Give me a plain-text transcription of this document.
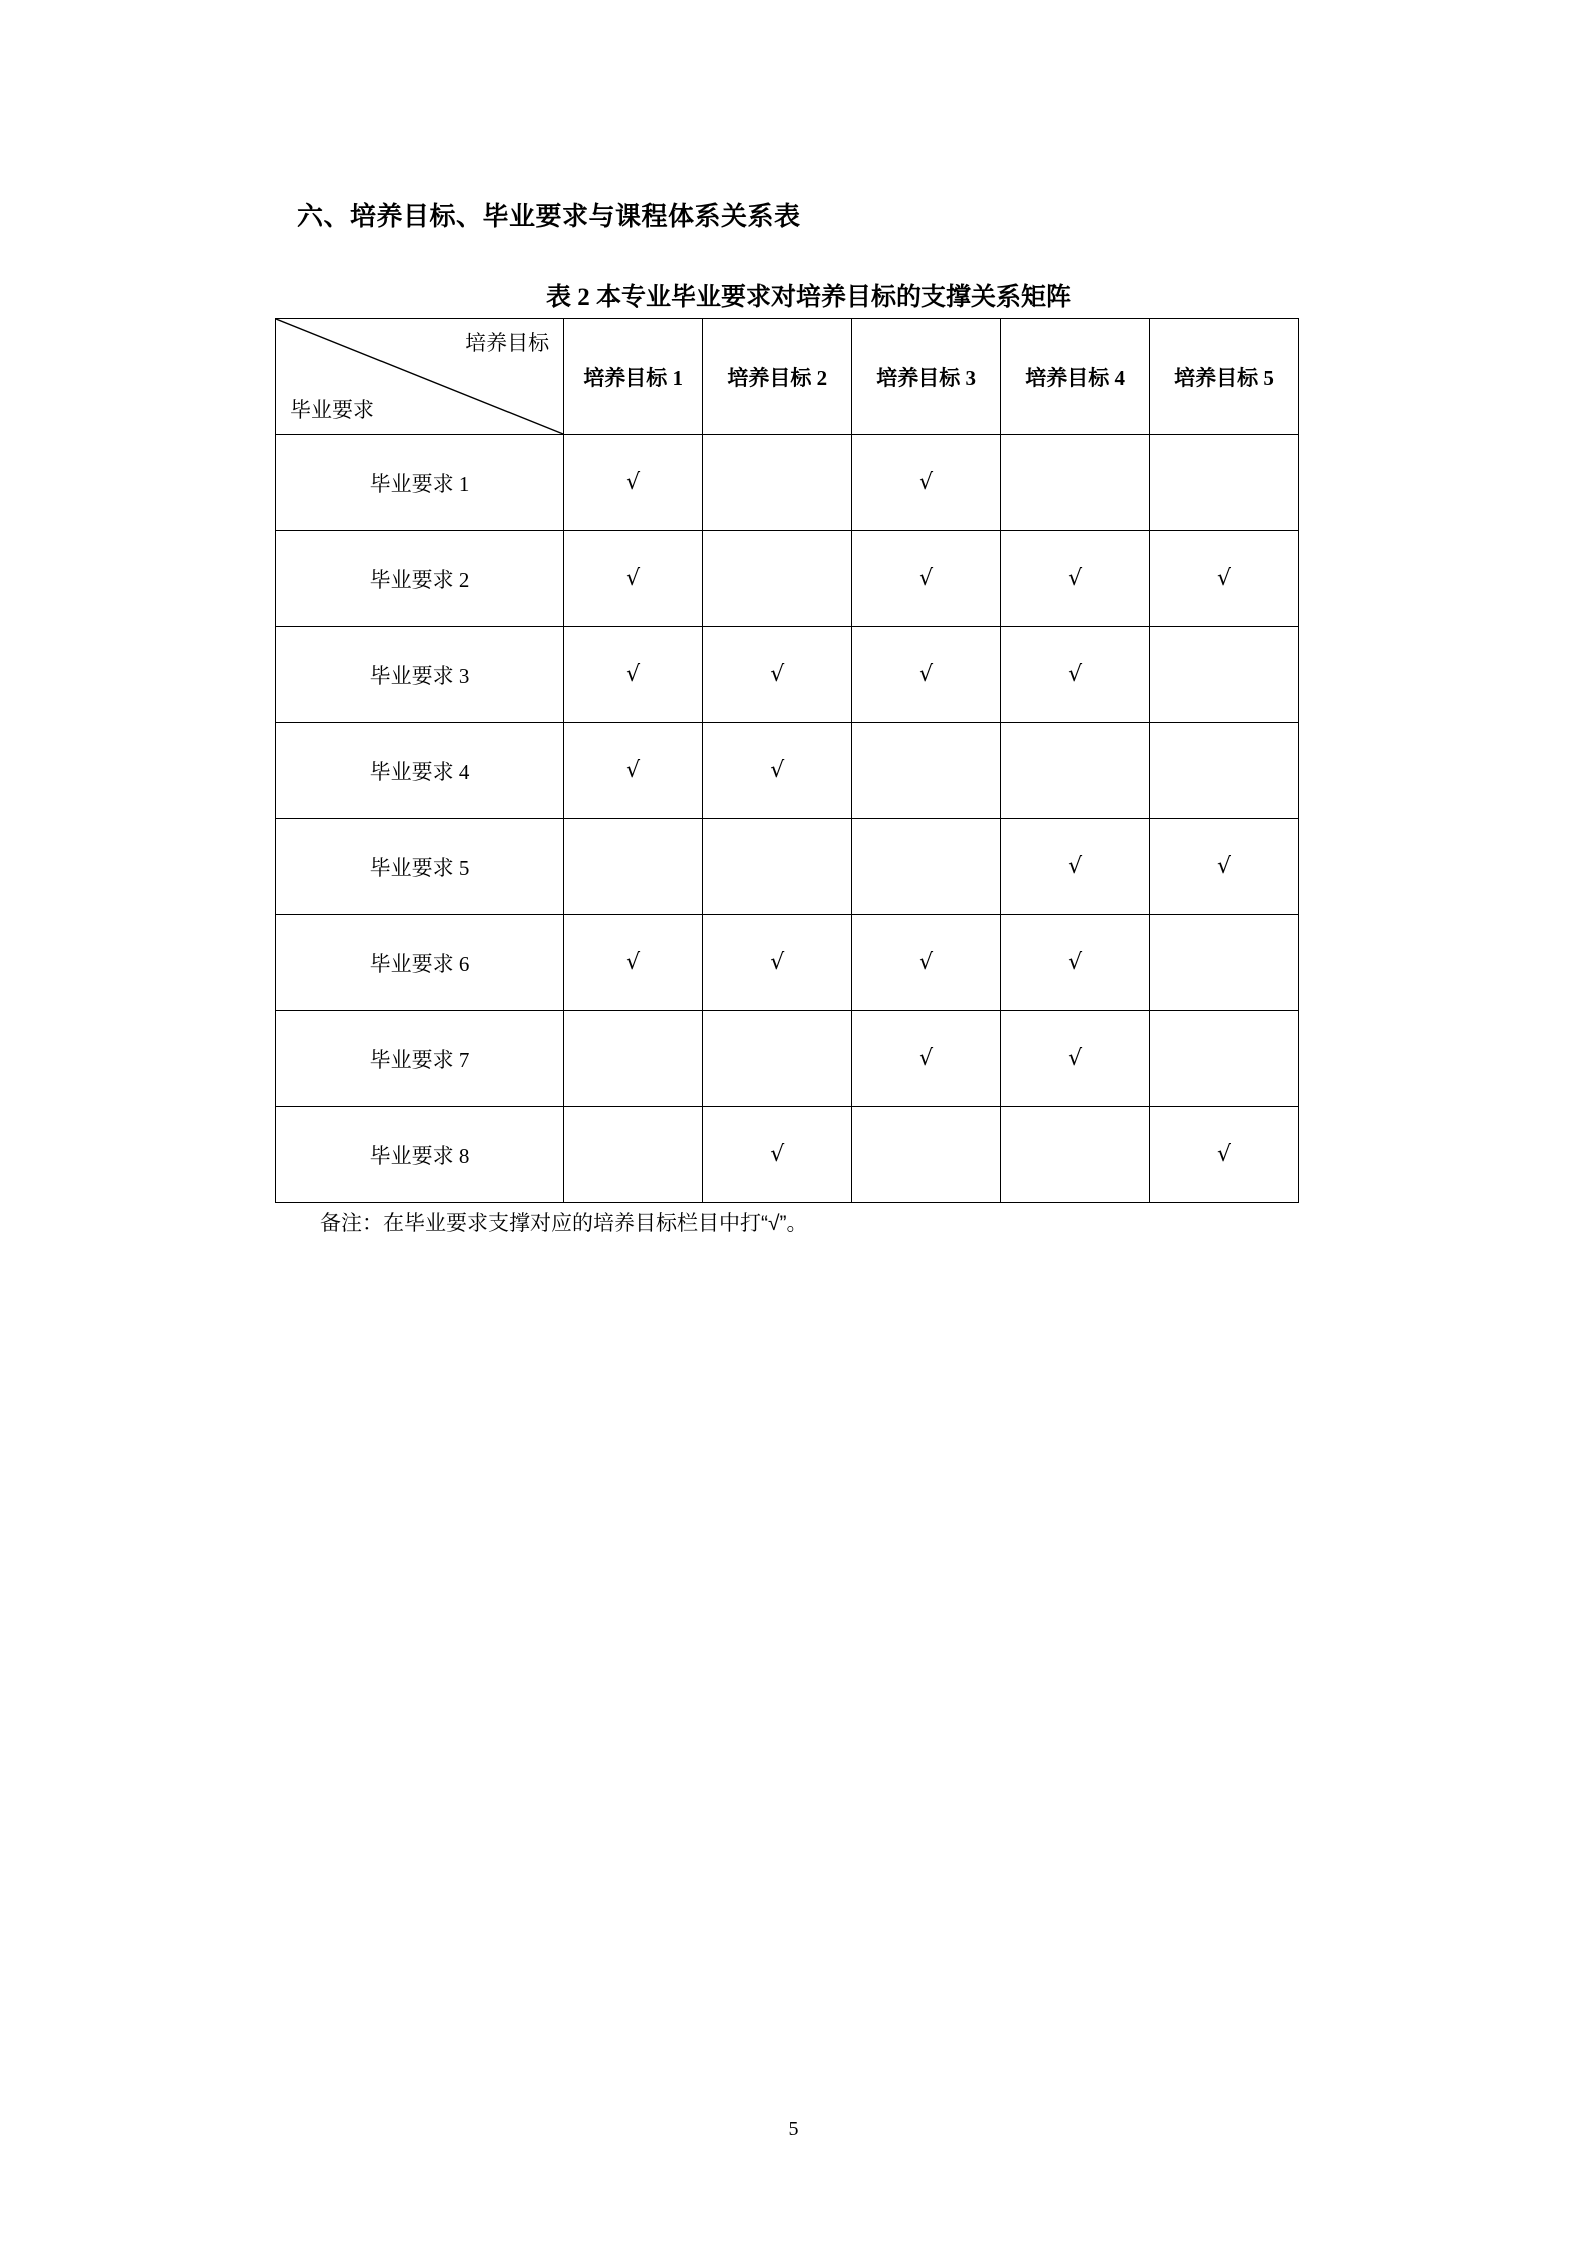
六、培养目标、毕业要求与课程体系关系表
表 2 本专业毕业要求对培养目标的支撑关系矩阵
培养目标
毕业要求	培养目标 1	培养目标 2	培养目标 3	培养目标 4	培养目标 5
毕业要求 1	√		√		
毕业要求 2	√		√	√	√
毕业要求 3	√	√	√	√	
毕业要求 4	√	√			
毕业要求 5				√	√
毕业要求 6	√	√	√	√	
毕业要求 7			√	√	
毕业要求 8		√			√
备注：在毕业要求支撑对应的培养目标栏目中打“√”。
5
